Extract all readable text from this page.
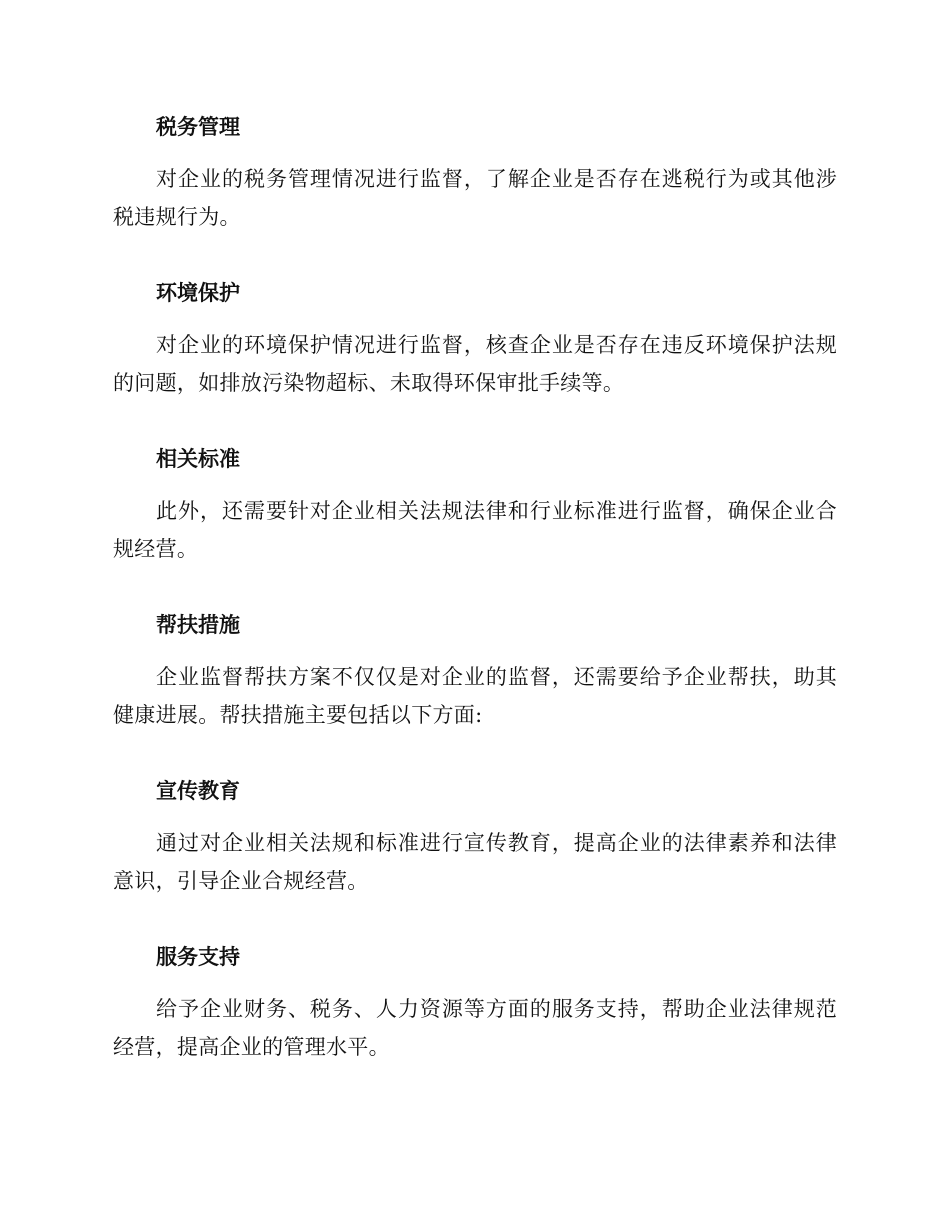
税务管理

对企业的税务管理情况进行监督，了解企业是否存在逃税行为或其他涉税违规行为。

环境保护

对企业的环境保护情况进行监督，核查企业是否存在违反环境保护法规的问题，如排放污染物超标、未取得环保审批手续等。

相关标准

此外，还需要针对企业相关法规法律和行业标准进行监督，确保企业合规经营。

帮扶措施

企业监督帮扶方案不仅仅是对企业的监督，还需要给予企业帮扶，助其健康进展。帮扶措施主要包括以下方面:

宣传教育

通过对企业相关法规和标准进行宣传教育，提高企业的法律素养和法律意识，引导企业合规经营。

服务支持

给予企业财务、税务、人力资源等方面的服务支持，帮助企业法律规范经营，提高企业的管理水平。
